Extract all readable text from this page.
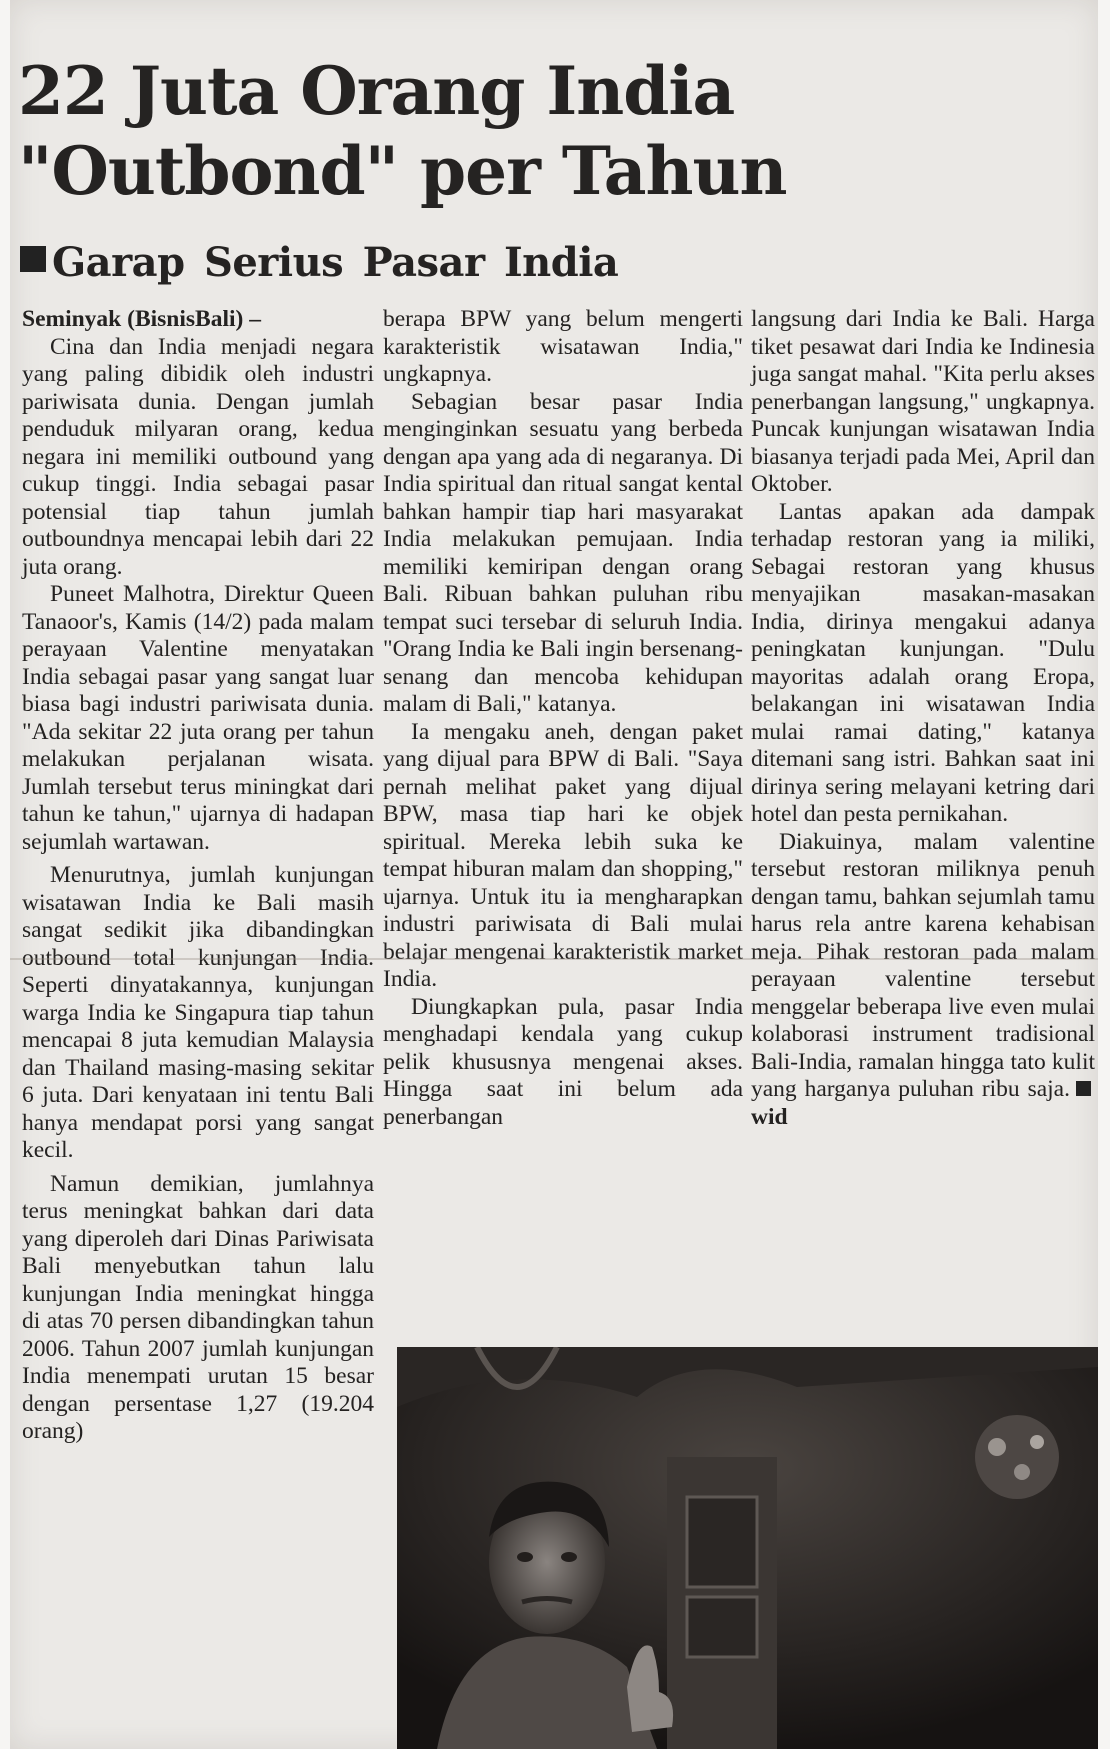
22 Juta Orang India
"Outbond" per Tahun
Garap Serius Pasar India

Seminyak (BisnisBali) –

Cina dan India menjadi negara yang paling dibidik oleh industri pariwisata dunia. Dengan jumlah penduduk milyaran orang, kedua negara ini memiliki outbound yang cukup tinggi. India sebagai pasar potensial tiap tahun jumlah outboundnya mencapai lebih dari 22 juta orang.

Puneet Malhotra, Direktur Queen Tanaoor's, Kamis (14/2) pada malam perayaan Valentine menyatakan India sebagai pasar yang sangat luar biasa bagi industri pariwisata dunia. "Ada sekitar 22 juta orang per tahun melakukan perjalanan wisata. Jumlah tersebut terus miningkat dari tahun ke tahun," ujarnya di hadapan sejumlah wartawan.

Menurutnya, jumlah kunjungan wisatawan India ke Bali masih sangat sedikit jika dibandingkan outbound total kunjungan India. Seperti dinyatakannya, kunjungan warga India ke Singapura tiap tahun mencapai 8 juta kemudian Malaysia dan Thailand masing-masing sekitar 6 juta. Dari kenyataan ini tentu Bali hanya mendapat porsi yang sangat kecil.

Namun demikian, jumlahnya terus meningkat bahkan dari data yang diperoleh dari Dinas Pariwisata Bali menyebutkan tahun lalu kunjungan India meningkat hingga di atas 70 persen dibandingkan tahun 2006. Tahun 2007 jumlah kunjungan India menempati urutan 15 besar dengan persentase 1,27 (19.204 orang)

berapa BPW yang belum mengerti karakteristik wisatawan India," ungkapnya.

Sebagian besar pasar India menginginkan sesuatu yang berbeda dengan apa yang ada di negaranya. Di India spiritual dan ritual sangat kental bahkan hampir tiap hari masyarakat India melakukan pemujaan. India memiliki kemiripan dengan orang Bali. Ribuan bahkan puluhan ribu tempat suci tersebar di seluruh India. "Orang India ke Bali ingin bersenang-senang dan mencoba kehidupan malam di Bali," katanya.

Ia mengaku aneh, dengan paket yang dijual para BPW di Bali. "Saya pernah melihat paket yang dijual BPW, masa tiap hari ke objek spiritual. Mereka lebih suka ke tempat hiburan malam dan shopping," ujarnya. Untuk itu ia mengharapkan industri pariwisata di Bali mulai belajar mengenai karakteristik market India.

Diungkapkan pula, pasar India menghadapi kendala yang cukup pelik khususnya mengenai akses. Hingga saat ini belum ada penerbangan

langsung dari India ke Bali. Harga tiket pesawat dari India ke Indinesia juga sangat mahal. "Kita perlu akses penerbangan langsung," ungkapnya. Puncak kunjungan wisatawan India biasanya terjadi pada Mei, April dan Oktober.

Lantas apakan ada dampak terhadap restoran yang ia miliki, Sebagai restoran yang khusus menyajikan masakan-masakan India, dirinya mengakui adanya peningkatan kunjungan. "Dulu mayoritas adalah orang Eropa, belakangan ini wisatawan India mulai ramai dating," katanya ditemani sang istri. Bahkan saat ini dirinya sering melayani ketring dari hotel dan pesta pernikahan.

Diakuinya, malam valentine tersebut restoran miliknya penuh dengan tamu, bahkan sejumlah tamu harus rela antre karena kehabisan meja. Pihak restoran pada malam perayaan valentine tersebut menggelar beberapa live even mulai kolaborasi instrument tradisional Bali-India, ramalan hingga tato kulit yang harganya puluhan ribu saja.wid
